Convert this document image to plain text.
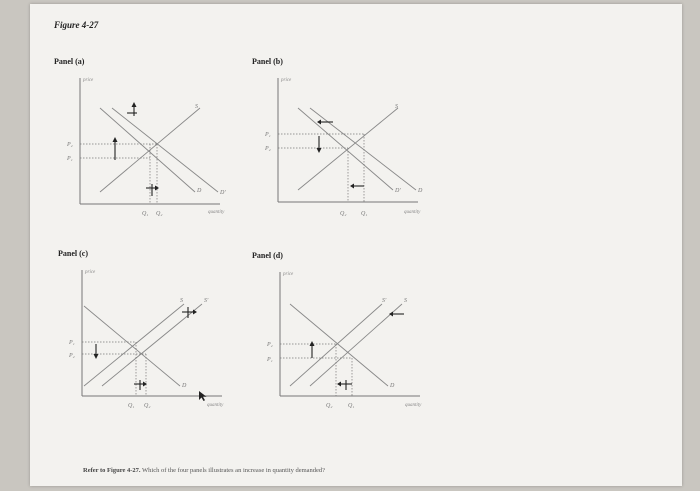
Figure 4-27
Panel (a)	Panel (b)
Panel (c)	Panel (d)
price
quantity
S
D	D'
P₂
P₁
Q₁ Q₂
price
quantity
S
D'	D
P₁
P₂
Q₂ Q₁
price
quantity
S	S'
D
P₁
P₂
Q₁ Q₂
price
quantity
S'	S
D
P₂
P₁
Q₂	Q₁
Refer to Figure 4-27. Which of the four panels illustrates an increase in quantity demanded?
